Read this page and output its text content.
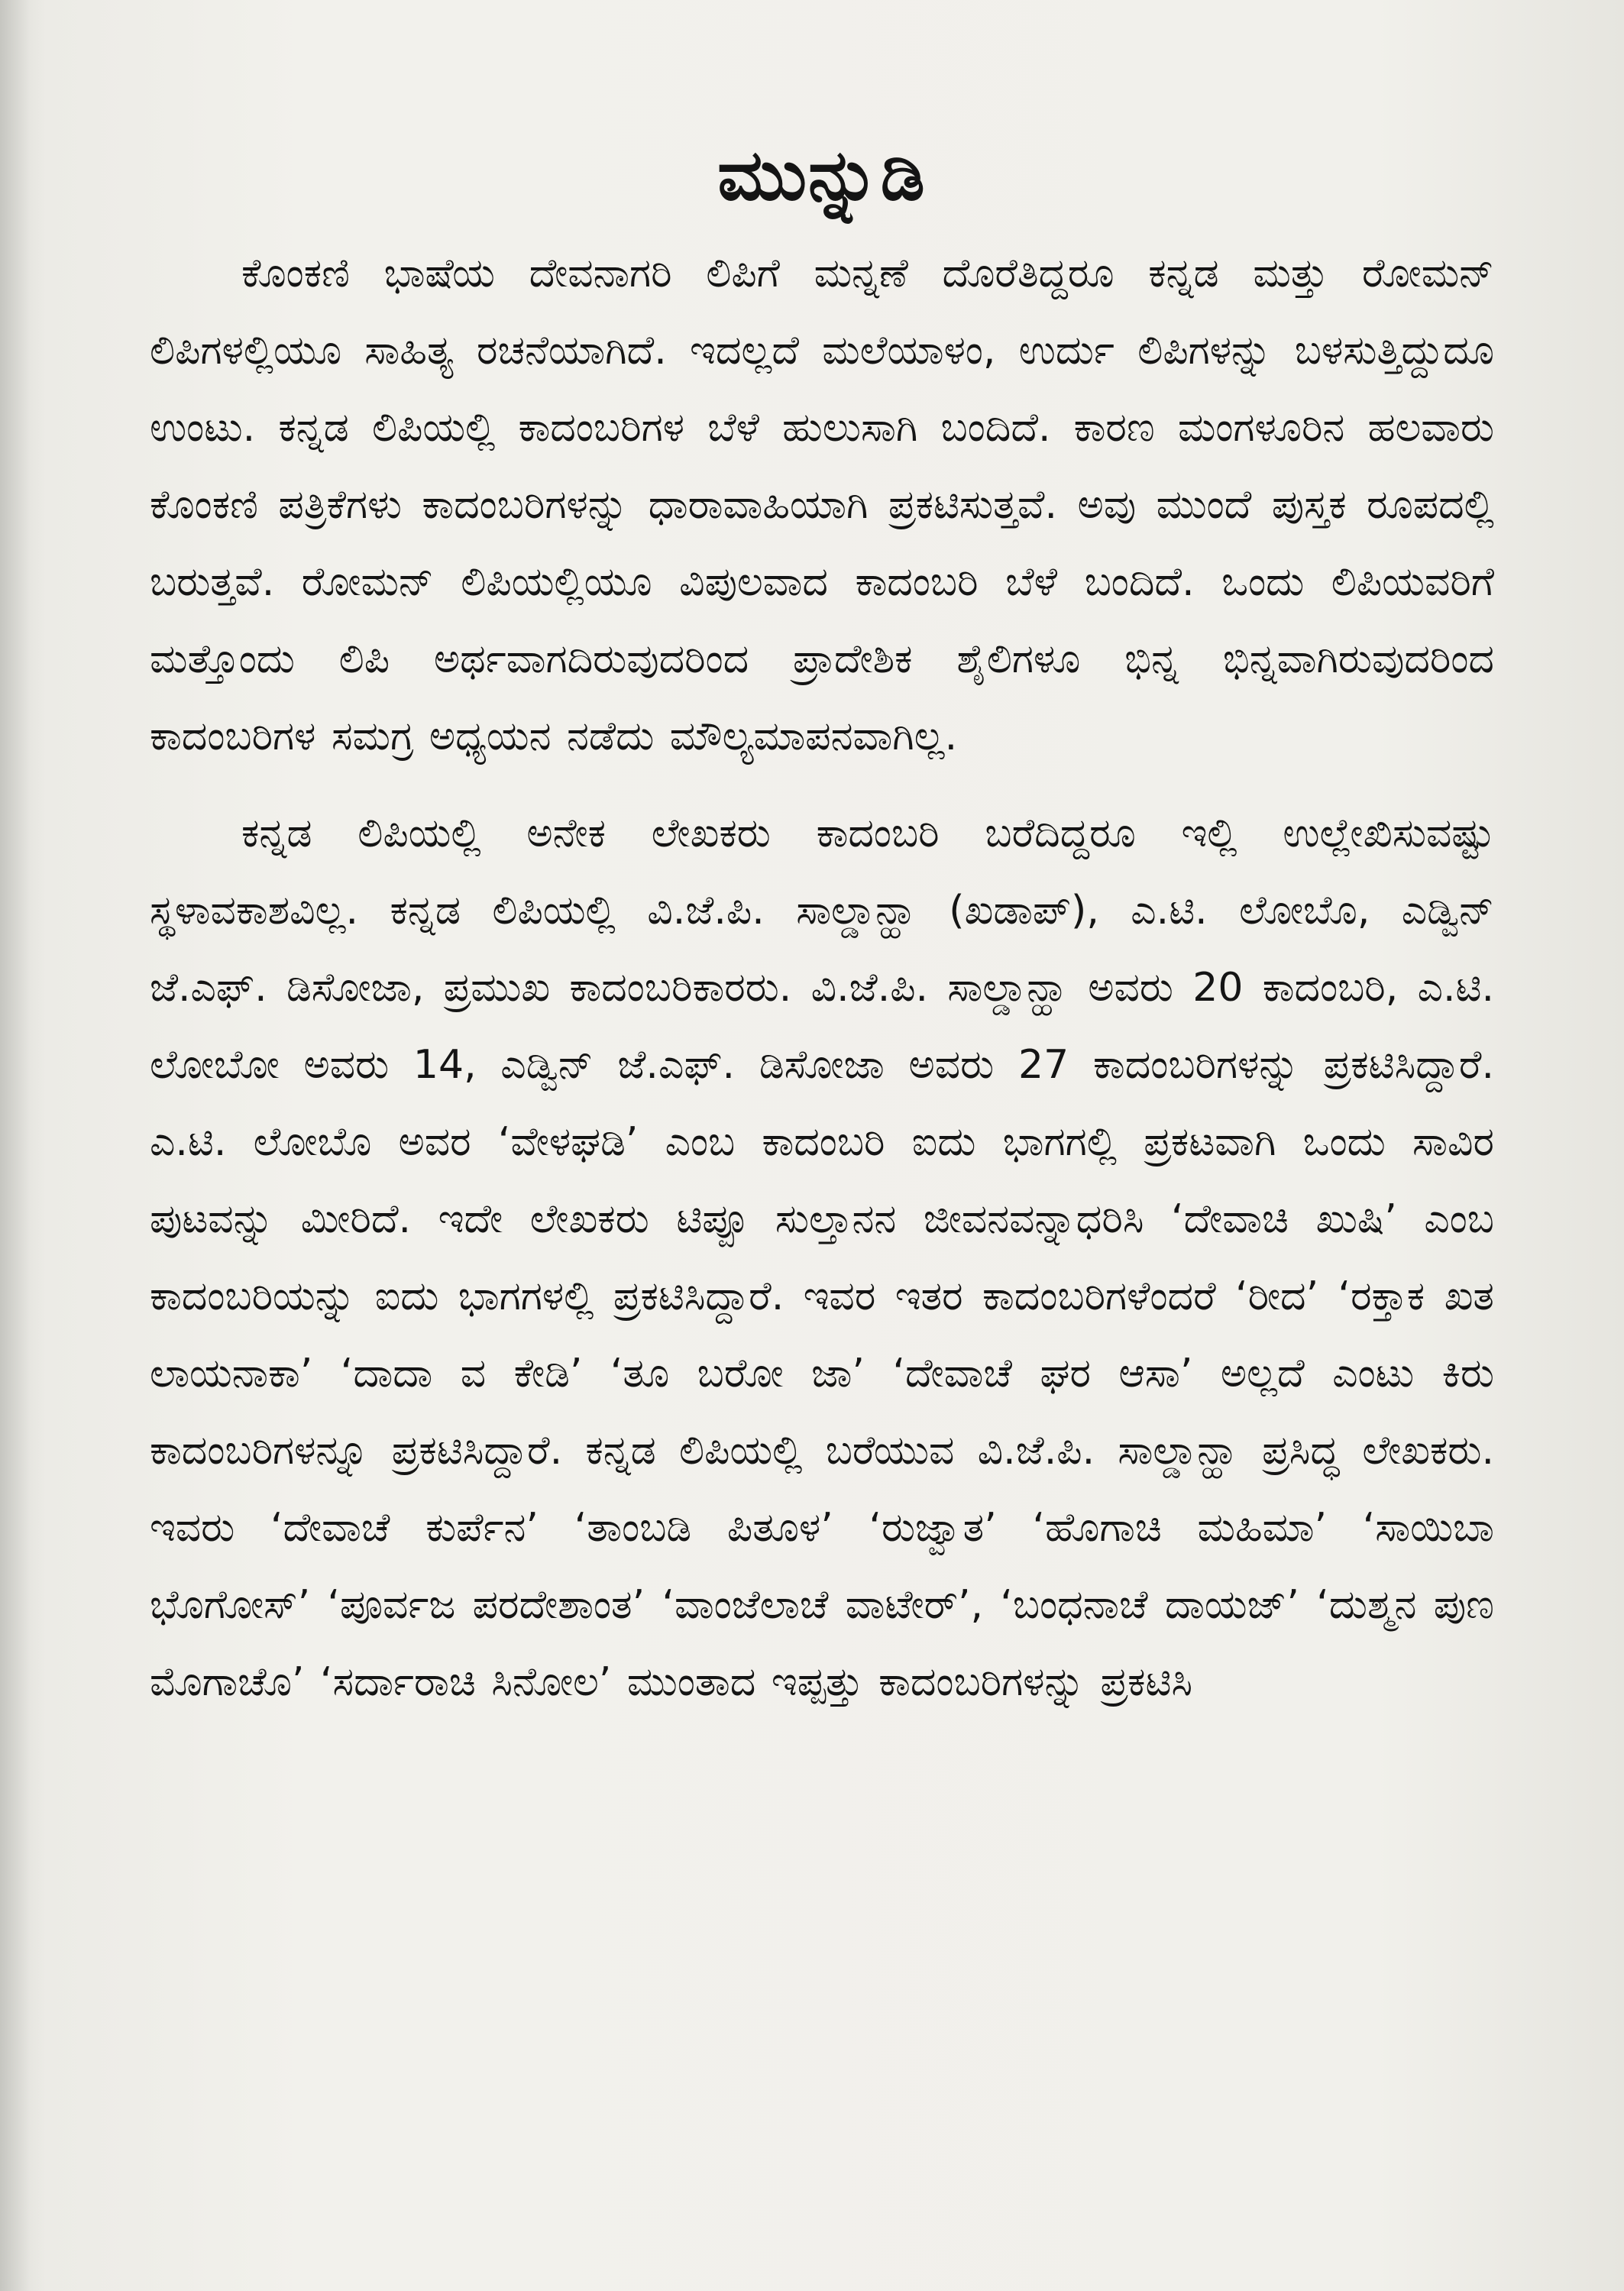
ಮುನ್ನುಡಿ

ಕೊಂಕಣಿ ಭಾಷೆಯ ದೇವನಾಗರಿ ಲಿಪಿಗೆ ಮನ್ನಣೆ ದೊರೆತಿದ್ದರೂ ಕನ್ನಡ ಮತ್ತು ರೋಮನ್ ಲಿಪಿಗಳಲ್ಲಿಯೂ ಸಾಹಿತ್ಯ ರಚನೆಯಾಗಿದೆ. ಇದಲ್ಲದೆ ಮಲೆಯಾಳಂ, ಉರ್ದು ಲಿಪಿಗಳನ್ನು ಬಳಸುತ್ತಿದ್ದುದೂ ಉಂಟು. ಕನ್ನಡ ಲಿಪಿಯಲ್ಲಿ ಕಾದಂಬರಿಗಳ ಬೆಳೆ ಹುಲುಸಾಗಿ ಬಂದಿದೆ. ಕಾರಣ ಮಂಗಳೂರಿನ ಹಲವಾರು ಕೊಂಕಣಿ ಪತ್ರಿಕೆಗಳು ಕಾದಂಬರಿಗಳನ್ನು ಧಾರಾವಾಹಿಯಾಗಿ ಪ್ರಕಟಿಸುತ್ತವೆ. ಅವು ಮುಂದೆ ಪುಸ್ತಕ ರೂಪದಲ್ಲಿ ಬರುತ್ತವೆ. ರೋಮನ್ ಲಿಪಿಯಲ್ಲಿಯೂ ವಿಪುಲವಾದ ಕಾದಂಬರಿ ಬೆಳೆ ಬಂದಿದೆ. ಒಂದು ಲಿಪಿಯವರಿಗೆ ಮತ್ತೊಂದು ಲಿಪಿ ಅರ್ಥವಾಗದಿರುವುದರಿಂದ ಪ್ರಾದೇಶಿಕ ಶೈಲಿಗಳೂ ಭಿನ್ನ ಭಿನ್ನವಾಗಿರುವುದರಿಂದ ಕಾದಂಬರಿಗಳ ಸಮಗ್ರ ಅಧ್ಯಯನ ನಡೆದು ಮೌಲ್ಯಮಾಪನವಾಗಿಲ್ಲ.

ಕನ್ನಡ ಲಿಪಿಯಲ್ಲಿ ಅನೇಕ ಲೇಖಕರು ಕಾದಂಬರಿ ಬರೆದಿದ್ದರೂ ಇಲ್ಲಿ ಉಲ್ಲೇಖಿಸುವಷ್ಟು ಸ್ಥಳಾವಕಾಶವಿಲ್ಲ. ಕನ್ನಡ ಲಿಪಿಯಲ್ಲಿ ವಿ.ಜೆ.ಪಿ. ಸಾಲ್ಡಾನ್ಹಾ (ಖಡಾಪ್), ಎ.ಟಿ. ಲೋಬೊ, ಎಡ್ವಿನ್ ಜೆ.ಎಫ್. ಡಿಸೋಜಾ, ಪ್ರಮುಖ ಕಾದಂಬರಿಕಾರರು. ವಿ.ಜೆ.ಪಿ. ಸಾಲ್ಡಾನ್ಹಾ ಅವರು 20 ಕಾದಂಬರಿ, ಎ.ಟಿ. ಲೋಬೋ ಅವರು 14, ಎಡ್ವಿನ್ ಜೆ.ಎಫ್. ಡಿಸೋಜಾ ಅವರು 27 ಕಾದಂಬರಿಗಳನ್ನು ಪ್ರಕಟಿಸಿದ್ದಾರೆ. ಎ.ಟಿ. ಲೋಬೊ ಅವರ ‘ವೇಳಘಡಿ’ ಎಂಬ ಕಾದಂಬರಿ ಐದು ಭಾಗಗಲ್ಲಿ ಪ್ರಕಟವಾಗಿ ಒಂದು ಸಾವಿರ ಪುಟವನ್ನು ಮೀರಿದೆ. ಇದೇ ಲೇಖಕರು ಟಿಪ್ಪೂ ಸುಲ್ತಾನನ ಜೀವನವನ್ನಾಧರಿಸಿ ‘ದೇವಾಚಿ ಖುಷಿ’ ಎಂಬ ಕಾದಂಬರಿಯನ್ನು ಐದು ಭಾಗಗಳಲ್ಲಿ ಪ್ರಕಟಿಸಿದ್ದಾರೆ. ಇವರ ಇತರ ಕಾದಂಬರಿಗಳೆಂದರೆ ‘ರೀದ’ ‘ರಕ್ತಾಕ ಖತ ಲಾಯನಾಕಾ’ ‘ದಾದಾ ವ ಕೇಡಿ’ ‘ತೂ ಬರೋ ಜಾ’ ‘ದೇವಾಚೆ ಘರ ಆಸಾ’ ಅಲ್ಲದೆ ಎಂಟು ಕಿರು ಕಾದಂಬರಿಗಳನ್ನೂ ಪ್ರಕಟಿಸಿದ್ದಾರೆ. ಕನ್ನಡ ಲಿಪಿಯಲ್ಲಿ ಬರೆಯುವ ವಿ.ಜೆ.ಪಿ. ಸಾಲ್ಡಾನ್ಹಾ ಪ್ರಸಿದ್ಧ ಲೇಖಕರು. ಇವರು ‘ದೇವಾಚೆ ಕುರ್ಪೆನ’ ‘ತಾಂಬಡಿ ಪಿತೂಳ’ ‘ರುಜ್ವಾತ’ ‘ಹೊಗಾಚಿ ಮಹಿಮಾ’ ‘ಸಾಯಿಬಾ ಭೊಗೋಸ್’ ‘ಪೂರ್ವಜ ಪರದೇಶಾಂತ’ ‘ವಾಂಜೆಲಾಚೆ ವಾಟೇರ್’, ‘ಬಂಧನಾಚೆ ದಾಯಜ್’ ‘ದುಶ್ಮನ ಪುಣ ಮೊಗಾಚೊ’ ‘ಸರ್ದಾರಾಚಿ ಸಿನೋಲ’ ಮುಂತಾದ ಇಪ್ಪತ್ತು ಕಾದಂಬರಿಗಳನ್ನು ಪ್ರಕಟಿಸಿ
